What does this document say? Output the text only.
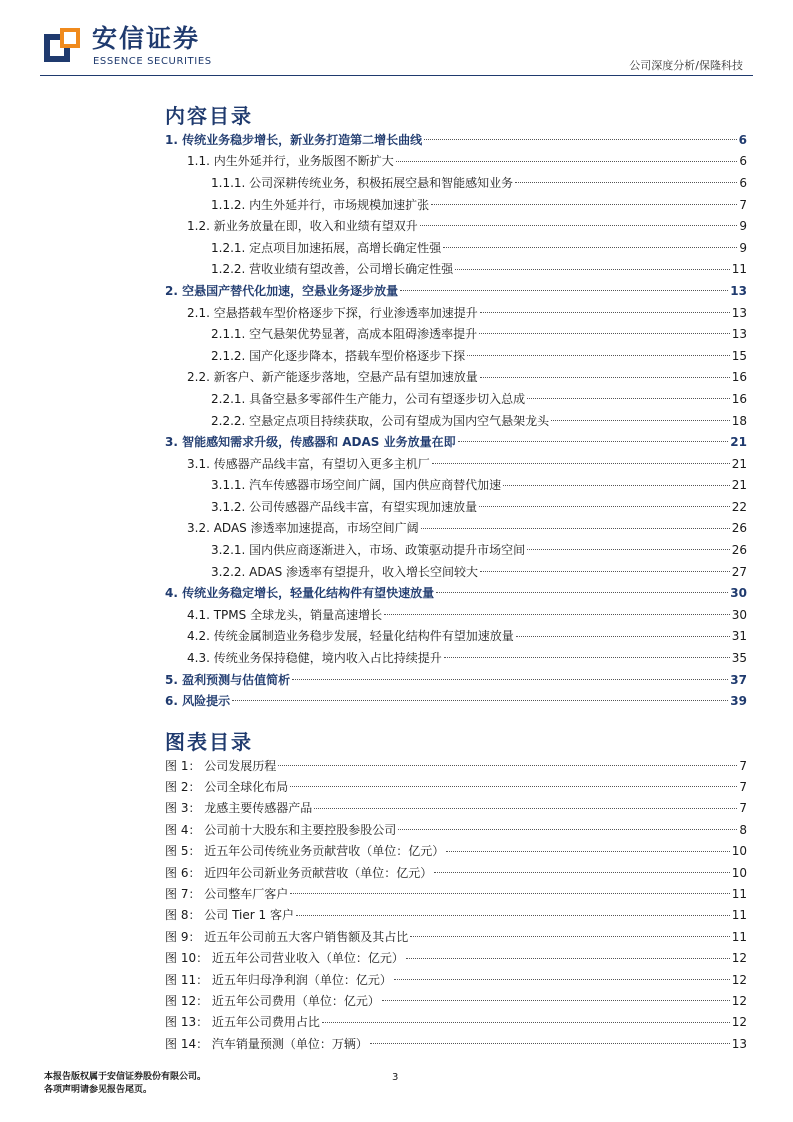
安信证券
ESSENCE SECURITIES	公司深度分析/保隆科技
内容目录
1. 传统业务稳步增长，新业务打造第二增长曲线	6
1.1. 内生外延并行，业务版图不断扩大	6
1.1.1. 公司深耕传统业务，积极拓展空悬和智能感知业务	6
1.1.2. 内生外延并行，市场规模加速扩张	7
1.2. 新业务放量在即，收入和业绩有望双升	9
1.2.1. 定点项目加速拓展，高增长确定性强	9
1.2.2. 营收业绩有望改善，公司增长确定性强	11
2. 空悬国产替代化加速，空悬业务逐步放量	13
2.1. 空悬搭载车型价格逐步下探，行业渗透率加速提升	13
2.1.1. 空气悬架优势显著，高成本阻碍渗透率提升	13
2.1.2. 国产化逐步降本，搭载车型价格逐步下探	15
2.2. 新客户、新产能逐步落地，空悬产品有望加速放量	16
2.2.1. 具备空悬多零部件生产能力，公司有望逐步切入总成	16
2.2.2. 空悬定点项目持续获取，公司有望成为国内空气悬架龙头	18
3. 智能感知需求升级，传感器和 ADAS 业务放量在即	21
3.1. 传感器产品线丰富，有望切入更多主机厂	21
3.1.1. 汽车传感器市场空间广阔，国内供应商替代加速	21
3.1.2. 公司传感器产品线丰富，有望实现加速放量	22
3.2. ADAS 渗透率加速提高，市场空间广阔	26
3.2.1. 国内供应商逐渐进入，市场、政策驱动提升市场空间	26
3.2.2. ADAS 渗透率有望提升，收入增长空间较大	27
4. 传统业务稳定增长，轻量化结构件有望快速放量	30
4.1. TPMS 全球龙头，销量高速增长	30
4.2. 传统金属制造业务稳步发展，轻量化结构件有望加速放量	31
4.3. 传统业务保持稳健，境内收入占比持续提升	35
5. 盈利预测与估值简析	37
6. 风险提示	39
图表目录
图 1： 公司发展历程	7
图 2： 公司全球化布局	7
图 3： 龙感主要传感器产品	7
图 4： 公司前十大股东和主要控股参股公司	8
图 5： 近五年公司传统业务贡献营收（单位：亿元）	10
图 6： 近四年公司新业务贡献营收（单位：亿元）	10
图 7： 公司整车厂客户	11
图 8： 公司 Tier 1 客户	11
图 9： 近五年公司前五大客户销售额及其占比	11
图 10： 近五年公司营业收入（单位：亿元）	12
图 11： 近五年归母净利润（单位：亿元）	12
图 12： 近五年公司费用（单位：亿元）	12
图 13： 近五年公司费用占比	12
图 14： 汽车销量预测（单位：万辆）	13
本报告版权属于安信证券股份有限公司。
各项声明请参见报告尾页。
3
